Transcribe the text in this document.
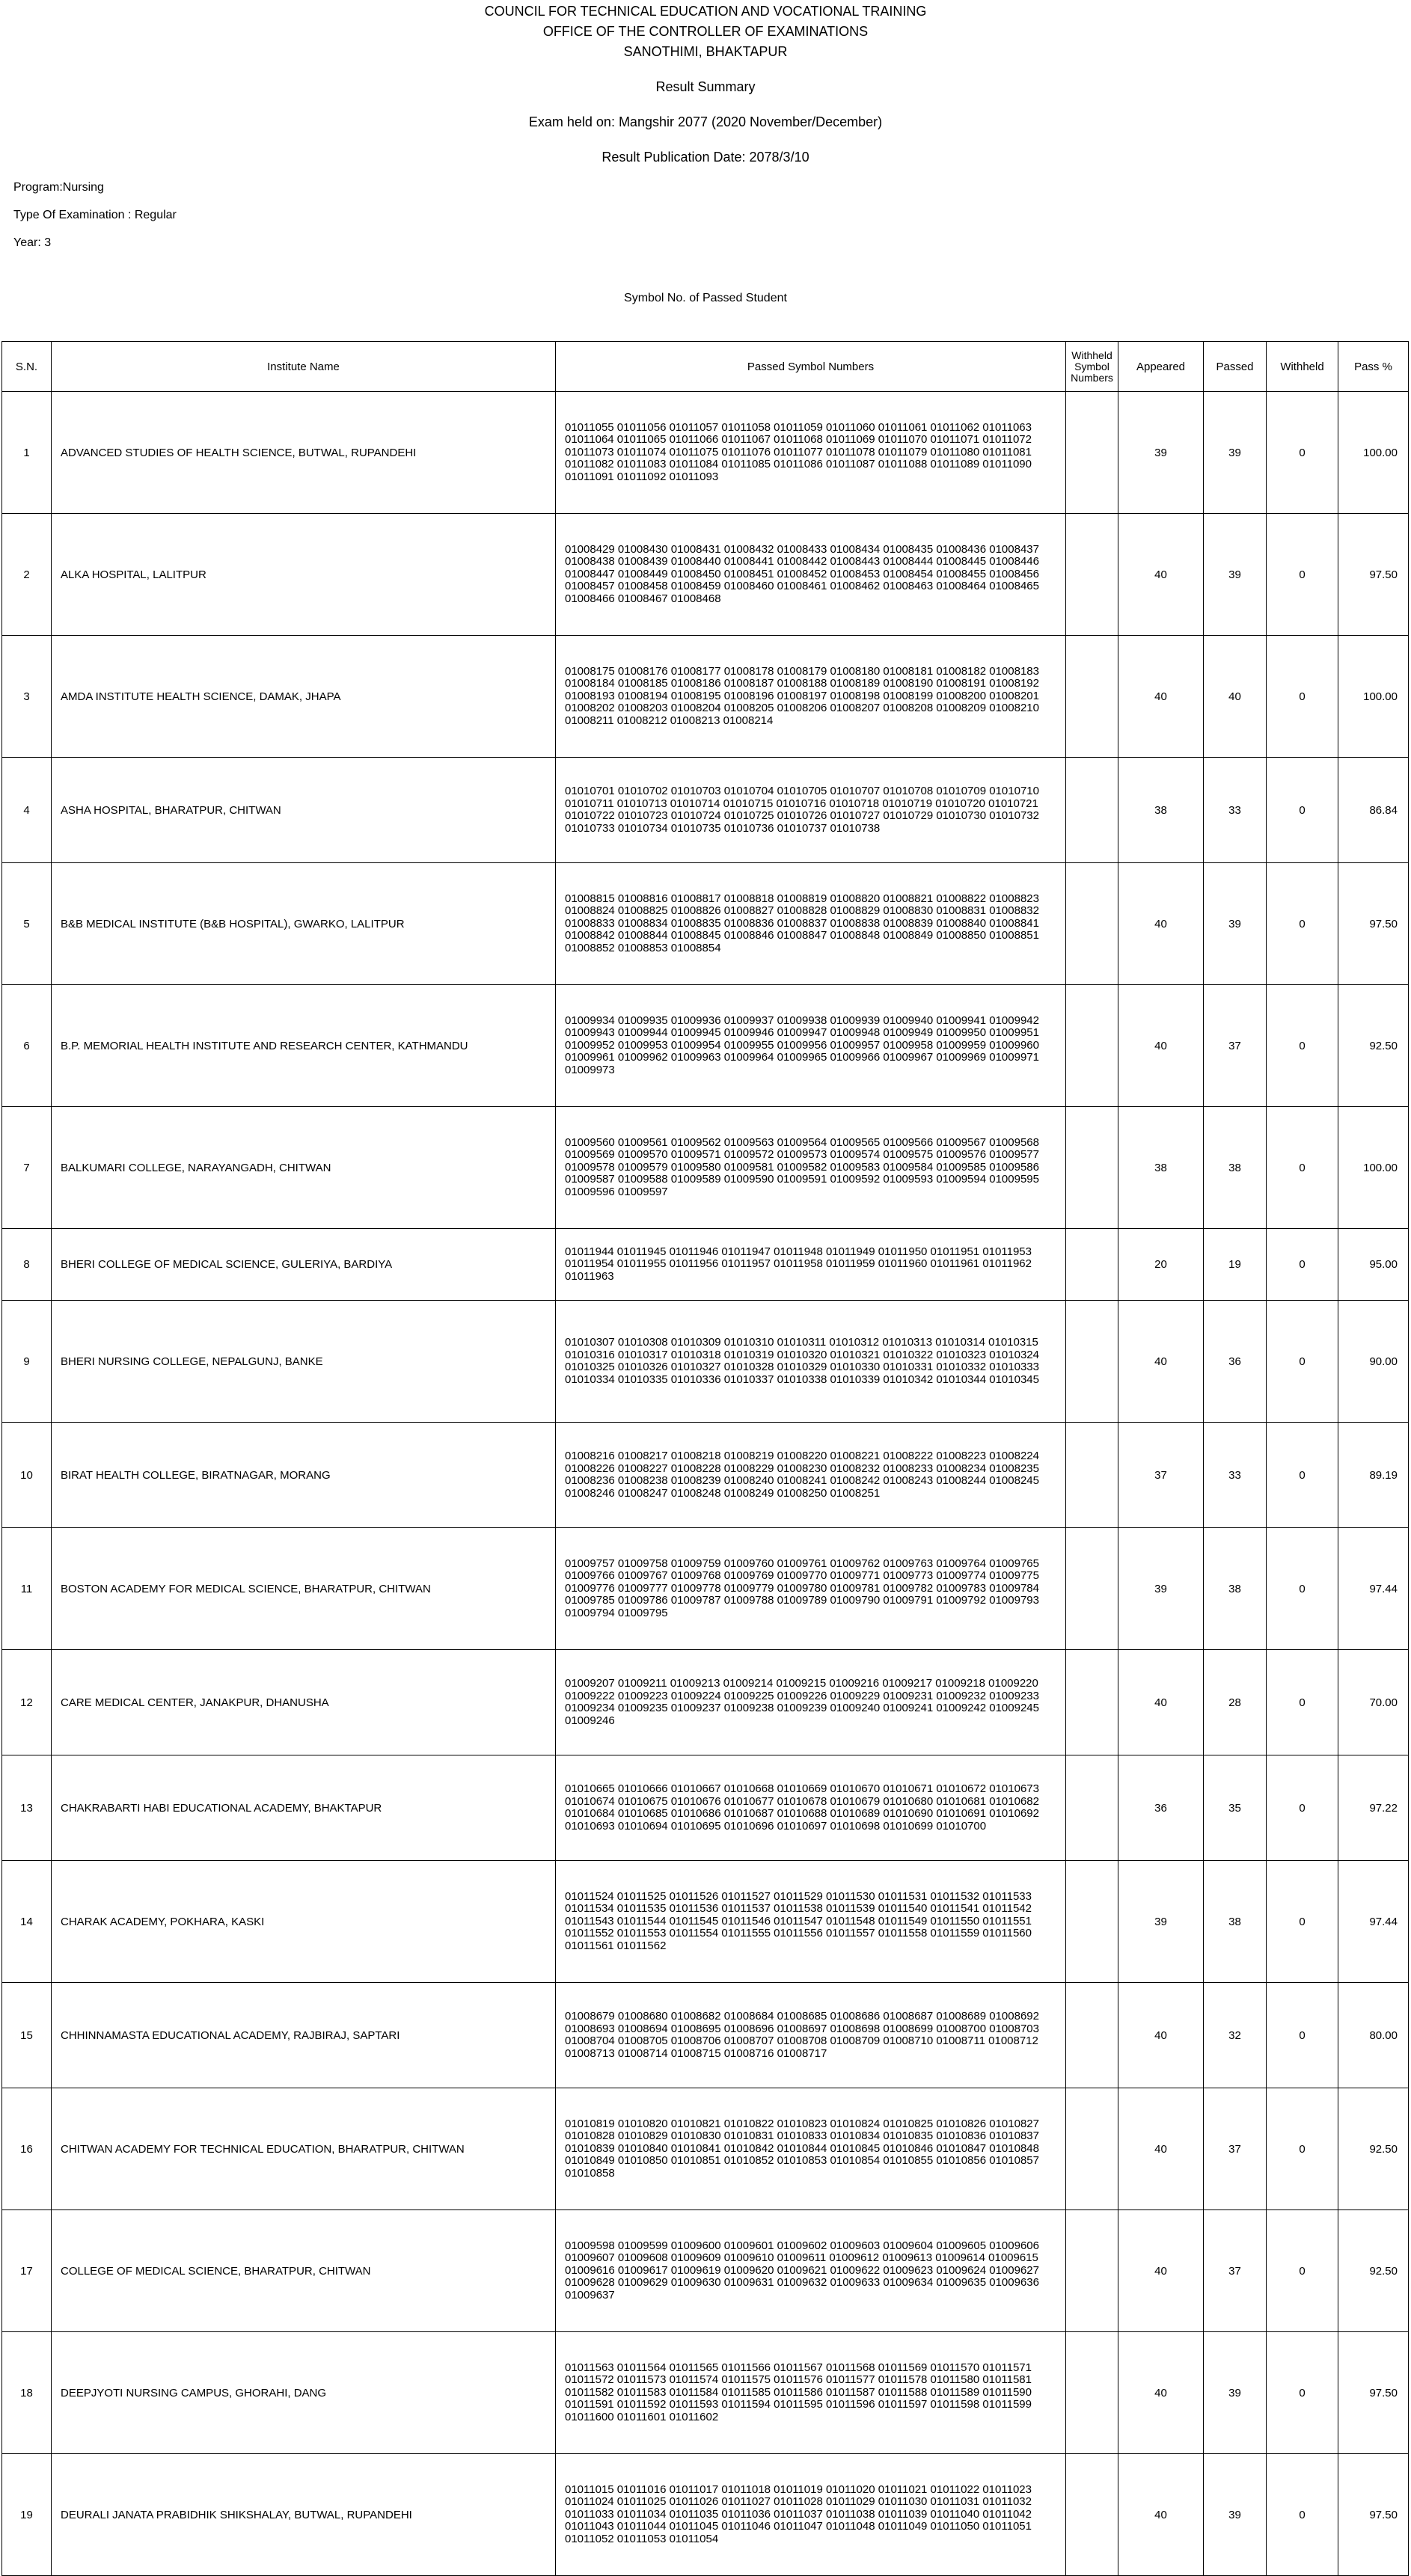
COUNCIL FOR TECHNICAL EDUCATION AND VOCATIONAL TRAINING
OFFICE OF THE CONTROLLER OF EXAMINATIONS
SANOTHIMI, BHAKTAPUR
Result Summary
Exam held on: Mangshir 2077 (2020 November/December)
Result Publication Date: 2078/3/10
Program:Nursing
Type Of Examination : Regular
Year: 3
Symbol No. of Passed Student
S.N.	Institute Name	Passed Symbol Numbers	Withheld Symbol Numbers	Appeared	Passed	Withheld	Pass %
1	ADVANCED STUDIES OF HEALTH SCIENCE, BUTWAL, RUPANDEHI	01011055 01011056 01011057 01011058 01011059 01011060 01011061 01011062 01011063 01011064 01011065 01011066 01011067 01011068 01011069 01011070 01011071 01011072 01011073 01011074 01011075 01011076 01011077 01011078 01011079 01011080 01011081 01011082 01011083 01011084 01011085 01011086 01011087 01011088 01011089 01011090 01011091 01011092 01011093		39	39	0	100.00
2	ALKA HOSPITAL, LALITPUR	01008429 01008430 01008431 01008432 01008433 01008434 01008435 01008436 01008437 01008438 01008439 01008440 01008441 01008442 01008443 01008444 01008445 01008446 01008447 01008449 01008450 01008451 01008452 01008453 01008454 01008455 01008456 01008457 01008458 01008459 01008460 01008461 01008462 01008463 01008464 01008465 01008466 01008467 01008468		40	39	0	97.50
3	AMDA INSTITUTE HEALTH SCIENCE, DAMAK, JHAPA	01008175 01008176 01008177 01008178 01008179 01008180 01008181 01008182 01008183 01008184 01008185 01008186 01008187 01008188 01008189 01008190 01008191 01008192 01008193 01008194 01008195 01008196 01008197 01008198 01008199 01008200 01008201 01008202 01008203 01008204 01008205 01008206 01008207 01008208 01008209 01008210 01008211 01008212 01008213 01008214		40	40	0	100.00
4	ASHA HOSPITAL, BHARATPUR, CHITWAN	01010701 01010702 01010703 01010704 01010705 01010707 01010708 01010709 01010710 01010711 01010713 01010714 01010715 01010716 01010718 01010719 01010720 01010721 01010722 01010723 01010724 01010725 01010726 01010727 01010729 01010730 01010732 01010733 01010734 01010735 01010736 01010737 01010738		38	33	0	86.84
5	B&B MEDICAL INSTITUTE (B&B HOSPITAL), GWARKO, LALITPUR	01008815 01008816 01008817 01008818 01008819 01008820 01008821 01008822 01008823 01008824 01008825 01008826 01008827 01008828 01008829 01008830 01008831 01008832 01008833 01008834 01008835 01008836 01008837 01008838 01008839 01008840 01008841 01008842 01008844 01008845 01008846 01008847 01008848 01008849 01008850 01008851 01008852 01008853 01008854		40	39	0	97.50
6	B.P. MEMORIAL HEALTH INSTITUTE AND RESEARCH CENTER, KATHMANDU	01009934 01009935 01009936 01009937 01009938 01009939 01009940 01009941 01009942 01009943 01009944 01009945 01009946 01009947 01009948 01009949 01009950 01009951 01009952 01009953 01009954 01009955 01009956 01009957 01009958 01009959 01009960 01009961 01009962 01009963 01009964 01009965 01009966 01009967 01009969 01009971 01009973		40	37	0	92.50
7	BALKUMARI COLLEGE, NARAYANGADH, CHITWAN	01009560 01009561 01009562 01009563 01009564 01009565 01009566 01009567 01009568 01009569 01009570 01009571 01009572 01009573 01009574 01009575 01009576 01009577 01009578 01009579 01009580 01009581 01009582 01009583 01009584 01009585 01009586 01009587 01009588 01009589 01009590 01009591 01009592 01009593 01009594 01009595 01009596 01009597		38	38	0	100.00
8	BHERI COLLEGE OF MEDICAL SCIENCE, GULERIYA, BARDIYA	01011944 01011945 01011946 01011947 01011948 01011949 01011950 01011951 01011953 01011954 01011955 01011956 01011957 01011958 01011959 01011960 01011961 01011962 01011963		20	19	0	95.00
9	BHERI NURSING COLLEGE, NEPALGUNJ, BANKE	01010307 01010308 01010309 01010310 01010311 01010312 01010313 01010314 01010315 01010316 01010317 01010318 01010319 01010320 01010321 01010322 01010323 01010324 01010325 01010326 01010327 01010328 01010329 01010330 01010331 01010332 01010333 01010334 01010335 01010336 01010337 01010338 01010339 01010342 01010344 01010345		40	36	0	90.00
10	BIRAT HEALTH COLLEGE, BIRATNAGAR, MORANG	01008216 01008217 01008218 01008219 01008220 01008221 01008222 01008223 01008224 01008226 01008227 01008228 01008229 01008230 01008232 01008233 01008234 01008235 01008236 01008238 01008239 01008240 01008241 01008242 01008243 01008244 01008245 01008246 01008247 01008248 01008249 01008250 01008251		37	33	0	89.19
11	BOSTON ACADEMY FOR MEDICAL SCIENCE, BHARATPUR, CHITWAN	01009757 01009758 01009759 01009760 01009761 01009762 01009763 01009764 01009765 01009766 01009767 01009768 01009769 01009770 01009771 01009773 01009774 01009775 01009776 01009777 01009778 01009779 01009780 01009781 01009782 01009783 01009784 01009785 01009786 01009787 01009788 01009789 01009790 01009791 01009792 01009793 01009794 01009795		39	38	0	97.44
12	CARE MEDICAL CENTER, JANAKPUR, DHANUSHA	01009207 01009211 01009213 01009214 01009215 01009216 01009217 01009218 01009220 01009222 01009223 01009224 01009225 01009226 01009229 01009231 01009232 01009233 01009234 01009235 01009237 01009238 01009239 01009240 01009241 01009242 01009245 01009246		40	28	0	70.00
13	CHAKRABARTI HABI EDUCATIONAL ACADEMY, BHAKTAPUR	01010665 01010666 01010667 01010668 01010669 01010670 01010671 01010672 01010673 01010674 01010675 01010676 01010677 01010678 01010679 01010680 01010681 01010682 01010684 01010685 01010686 01010687 01010688 01010689 01010690 01010691 01010692 01010693 01010694 01010695 01010696 01010697 01010698 01010699 01010700		36	35	0	97.22
14	CHARAK ACADEMY, POKHARA, KASKI	01011524 01011525 01011526 01011527 01011529 01011530 01011531 01011532 01011533 01011534 01011535 01011536 01011537 01011538 01011539 01011540 01011541 01011542 01011543 01011544 01011545 01011546 01011547 01011548 01011549 01011550 01011551 01011552 01011553 01011554 01011555 01011556 01011557 01011558 01011559 01011560 01011561 01011562		39	38	0	97.44
15	CHHINNAMASTA EDUCATIONAL ACADEMY, RAJBIRAJ, SAPTARI	01008679 01008680 01008682 01008684 01008685 01008686 01008687 01008689 01008692 01008693 01008694 01008695 01008696 01008697 01008698 01008699 01008700 01008703 01008704 01008705 01008706 01008707 01008708 01008709 01008710 01008711 01008712 01008713 01008714 01008715 01008716 01008717		40	32	0	80.00
16	CHITWAN ACADEMY FOR TECHNICAL EDUCATION, BHARATPUR, CHITWAN	01010819 01010820 01010821 01010822 01010823 01010824 01010825 01010826 01010827 01010828 01010829 01010830 01010831 01010833 01010834 01010835 01010836 01010837 01010839 01010840 01010841 01010842 01010844 01010845 01010846 01010847 01010848 01010849 01010850 01010851 01010852 01010853 01010854 01010855 01010856 01010857 01010858		40	37	0	92.50
17	COLLEGE OF MEDICAL SCIENCE, BHARATPUR, CHITWAN	01009598 01009599 01009600 01009601 01009602 01009603 01009604 01009605 01009606 01009607 01009608 01009609 01009610 01009611 01009612 01009613 01009614 01009615 01009616 01009617 01009619 01009620 01009621 01009622 01009623 01009624 01009627 01009628 01009629 01009630 01009631 01009632 01009633 01009634 01009635 01009636 01009637		40	37	0	92.50
18	DEEPJYOTI NURSING CAMPUS, GHORAHI, DANG	01011563 01011564 01011565 01011566 01011567 01011568 01011569 01011570 01011571 01011572 01011573 01011574 01011575 01011576 01011577 01011578 01011580 01011581 01011582 01011583 01011584 01011585 01011586 01011587 01011588 01011589 01011590 01011591 01011592 01011593 01011594 01011595 01011596 01011597 01011598 01011599 01011600 01011601 01011602		40	39	0	97.50
19	DEURALI JANATA PRABIDHIK SHIKSHALAY, BUTWAL, RUPANDEHI	01011015 01011016 01011017 01011018 01011019 01011020 01011021 01011022 01011023 01011024 01011025 01011026 01011027 01011028 01011029 01011030 01011031 01011032 01011033 01011034 01011035 01011036 01011037 01011038 01011039 01011040 01011042 01011043 01011044 01011045 01011046 01011047 01011048 01011049 01011050 01011051 01011052 01011053 01011054		40	39	0	97.50
